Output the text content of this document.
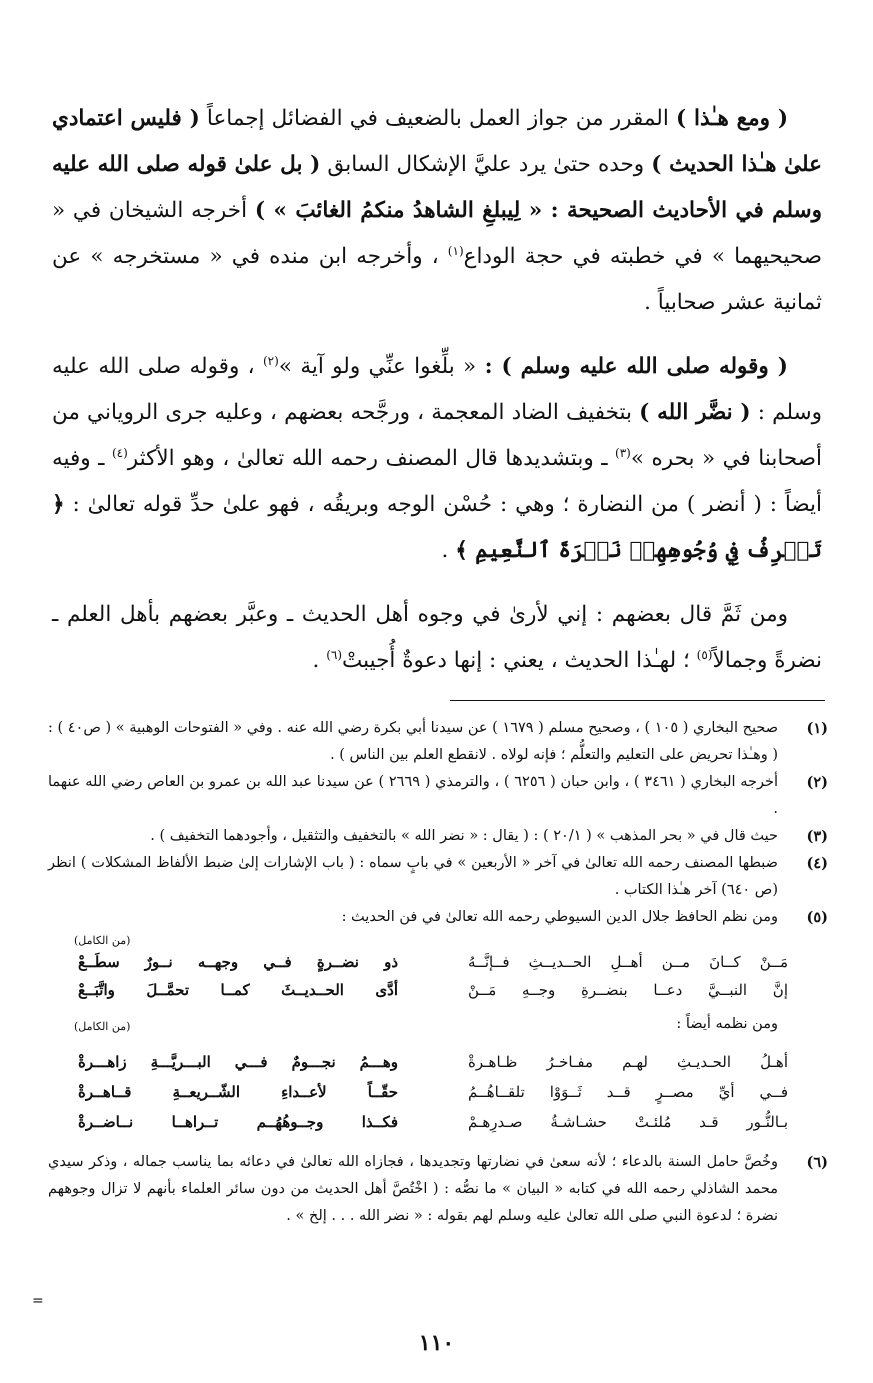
( ومع هـٰذا ) المقرر من جواز العمل بالضعيف في الفضائل إجماعاً ( فليس اعتمادي علىٰ هـٰذا الحديث ) وحده حتىٰ يرد عليَّ الإشكال السابق ( بل علىٰ قوله صلى الله عليه وسلم في الأحاديث الصحيحة : « لِيبلغِ الشاهدُ منكمُ الغائبَ » ) أخرجه الشيخان في « صحيحيهما » في خطبته في حجة الوداع$^{(١)}$ ، وأخرجه ابن منده في « مستخرجه » عن ثمانية عشر صحابياً .

( وقوله صلى الله عليه وسلم ) : « بلِّغوا عنِّي ولو آية »$^{(٢)}$ ، وقوله صلى الله عليه وسلم : ( نضَّر الله ) بتخفيف الضاد المعجمة ، ورجَّحه بعضهم ، وعليه جرى الروياني من أصحابنا في « بحره »$^{(٣)}$ ـ وبتشديدها قال المصنف رحمه الله تعالىٰ ، وهو الأكثر$^{(٤)}$ ـ وفيه أيضاً : ( أنضر ) من النضارة ؛ وهي : حُسْن الوجه وبريقُه ، فهو علىٰ حدِّ قوله تعالىٰ : ﴿ تَعۡرِفُ فِي وُجُوهِهِمۡ نَضۡرَةَ ٱلنَّعِيمِ ﴾ .

ومن ثَمَّ قال بعضهم : إني لأرىٰ في وجوه أهل الحديث ـ وعبَّر بعضهم بأهل العلم ـ نضرةً وجمالاً$^{(٥)}$ ؛ لهـٰذا الحديث ، يعني : إنها دعوةٌ أُجيبتْ$^{(٦)}$ .

(١)
صحيح البخاري ( ١٠٥ ) ، وصحيح مسلم ( ١٦٧٩ ) عن سيدنا أبي بكرة رضي الله عنه . وفي « الفتوحات الوهبية » ( ص٤٠ ) : ( وهـٰذا تحريض على التعليم والتعلُّم ؛ فإنه لولاه . لانقطع العلم بين الناس ) .
(٢)
أخرجه البخاري ( ٣٤٦١ ) ، وابن حبان ( ٦٢٥٦ ) ، والترمذي ( ٢٦٦٩ ) عن سيدنا عبد الله بن عمرو بن العاص رضي الله عنهما .
(٣)
حيث قال في « بحر المذهب » ( ٢٠/١ ) : ( يقال : « نضر الله » بالتخفيف والتثقيل ، وأجودهما التخفيف ) .
(٤)
ضبطها المصنف رحمه الله تعالىٰ في آخر « الأربعين » في بابٍ سماه : ( باب الإشارات إلىٰ ضبط الألفاظ المشكلات ) انظر (ص ٦٤٠) آخر هـٰذا الكتاب .
(٥)
ومن نظم الحافظ جلال الدين السيوطي رحمه الله تعالىٰ في فن الحديث :
(من الكامل)
مَــنْ كــانَ مــن أهــلِ الحــديــثِ فــإنَّــهُ
ذو نضــرةٍ فــي وجهــه نــورٌ سطَــعْ
إنَّ النبــيَّ دعــا بنضــرةِ وجــهِ مَــنْ
أدَّى الحــديــثَ كمــا تحمَّــلَ واتَّبَــعْ
ومن نظمه أيضاً :
(من الكامل)
أهـلُ الحـديـثِ لهـم مفـاخـرُ ظـاهـرةْ
وهـــمُ نجـــومٌ فـــي البـــريَّـــةِ زاهـــرةْ
فــي أيِّ مصــرٍ قــد ثَــوَوْا تلقــاهُــمُ
حقّــاً لأعــداءِ الشّــريعــةِ قــاهــرةْ
بـالنُّـور قـد مُلئـتْ حشـاشـةُ صـدرِهـمْ
فكــذا وجــوهُهُــم تــراهــا نــاضــرةْ
(٦)
وخُصَّ حامل السنة بالدعاء ؛ لأنه سعىٰ في نضارتها وتجديدها ، فجازاه الله تعالىٰ في دعائه بما يناسب جماله ، وذكر سيدي محمد الشاذلي رحمه الله في كتابه « البيان » ما نصُّه : ( اخْتُصَّ أهل الحديث من دون سائر العلماء بأنهم لا تزال وجوههم نضرة ؛ لدعوة النبي صلى الله تعالىٰ عليه وسلم لهم بقوله : « نضر الله . . . إلخ » .
=
١١٠
